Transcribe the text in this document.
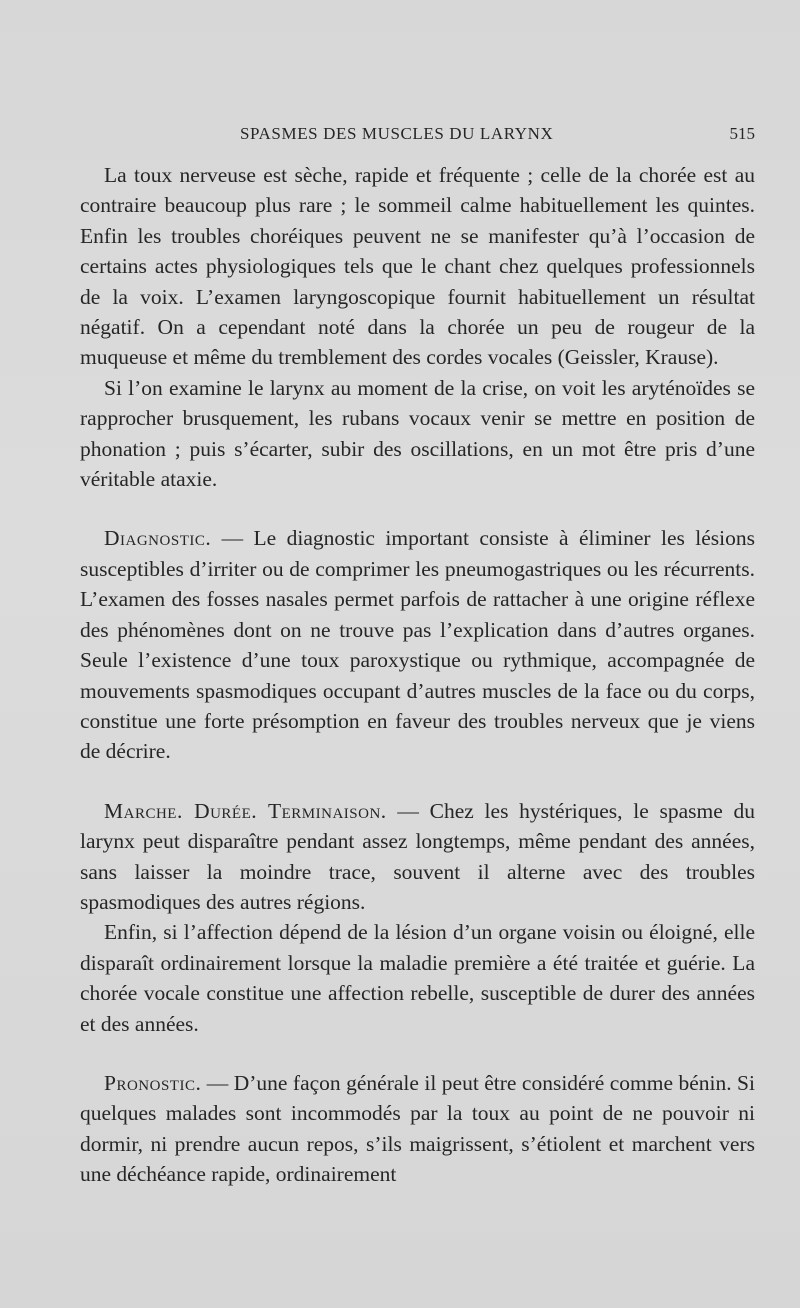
SPASMES DES MUSCLES DU LARYNX	515

La toux nerveuse est sèche, rapide et fréquente ; celle de la chorée est au contraire beaucoup plus rare ; le sommeil calme habituellement les quintes. Enfin les troubles choréiques peuvent ne se manifester qu’à l’occasion de certains actes physiologiques tels que le chant chez quelques professionnels de la voix. L’examen laryngoscopique fournit habituellement un résultat négatif. On a cependant noté dans la chorée un peu de rougeur de la muqueuse et même du tremblement des cordes vocales (Geissler, Krause).

Si l’on examine le larynx au moment de la crise, on voit les aryténoïdes se rapprocher brusquement, les rubans vocaux venir se mettre en position de phonation ; puis s’écarter, subir des oscillations, en un mot être pris d’une véritable ataxie.

Diagnostic. — Le diagnostic important consiste à éliminer les lésions susceptibles d’irriter ou de comprimer les pneumogastriques ou les récurrents. L’examen des fosses nasales permet parfois de rattacher à une origine réflexe des phénomènes dont on ne trouve pas l’explication dans d’autres organes. Seule l’existence d’une toux paroxystique ou rythmique, accompagnée de mouvements spasmodiques occupant d’autres muscles de la face ou du corps, constitue une forte présomption en faveur des troubles nerveux que je viens de décrire.

Marche. Durée. Terminaison. — Chez les hystériques, le spasme du larynx peut disparaître pendant assez longtemps, même pendant des années, sans laisser la moindre trace, souvent il alterne avec des troubles spasmodiques des autres régions.

Enfin, si l’affection dépend de la lésion d’un organe voisin ou éloigné, elle disparaît ordinairement lorsque la maladie première a été traitée et guérie. La chorée vocale constitue une affection rebelle, susceptible de durer des années et des années.

Pronostic. — D’une façon générale il peut être considéré comme bénin. Si quelques malades sont incommodés par la toux au point de ne pouvoir ni dormir, ni prendre aucun repos, s’ils maigrissent, s’étiolent et marchent vers une déchéance rapide, ordinairement
